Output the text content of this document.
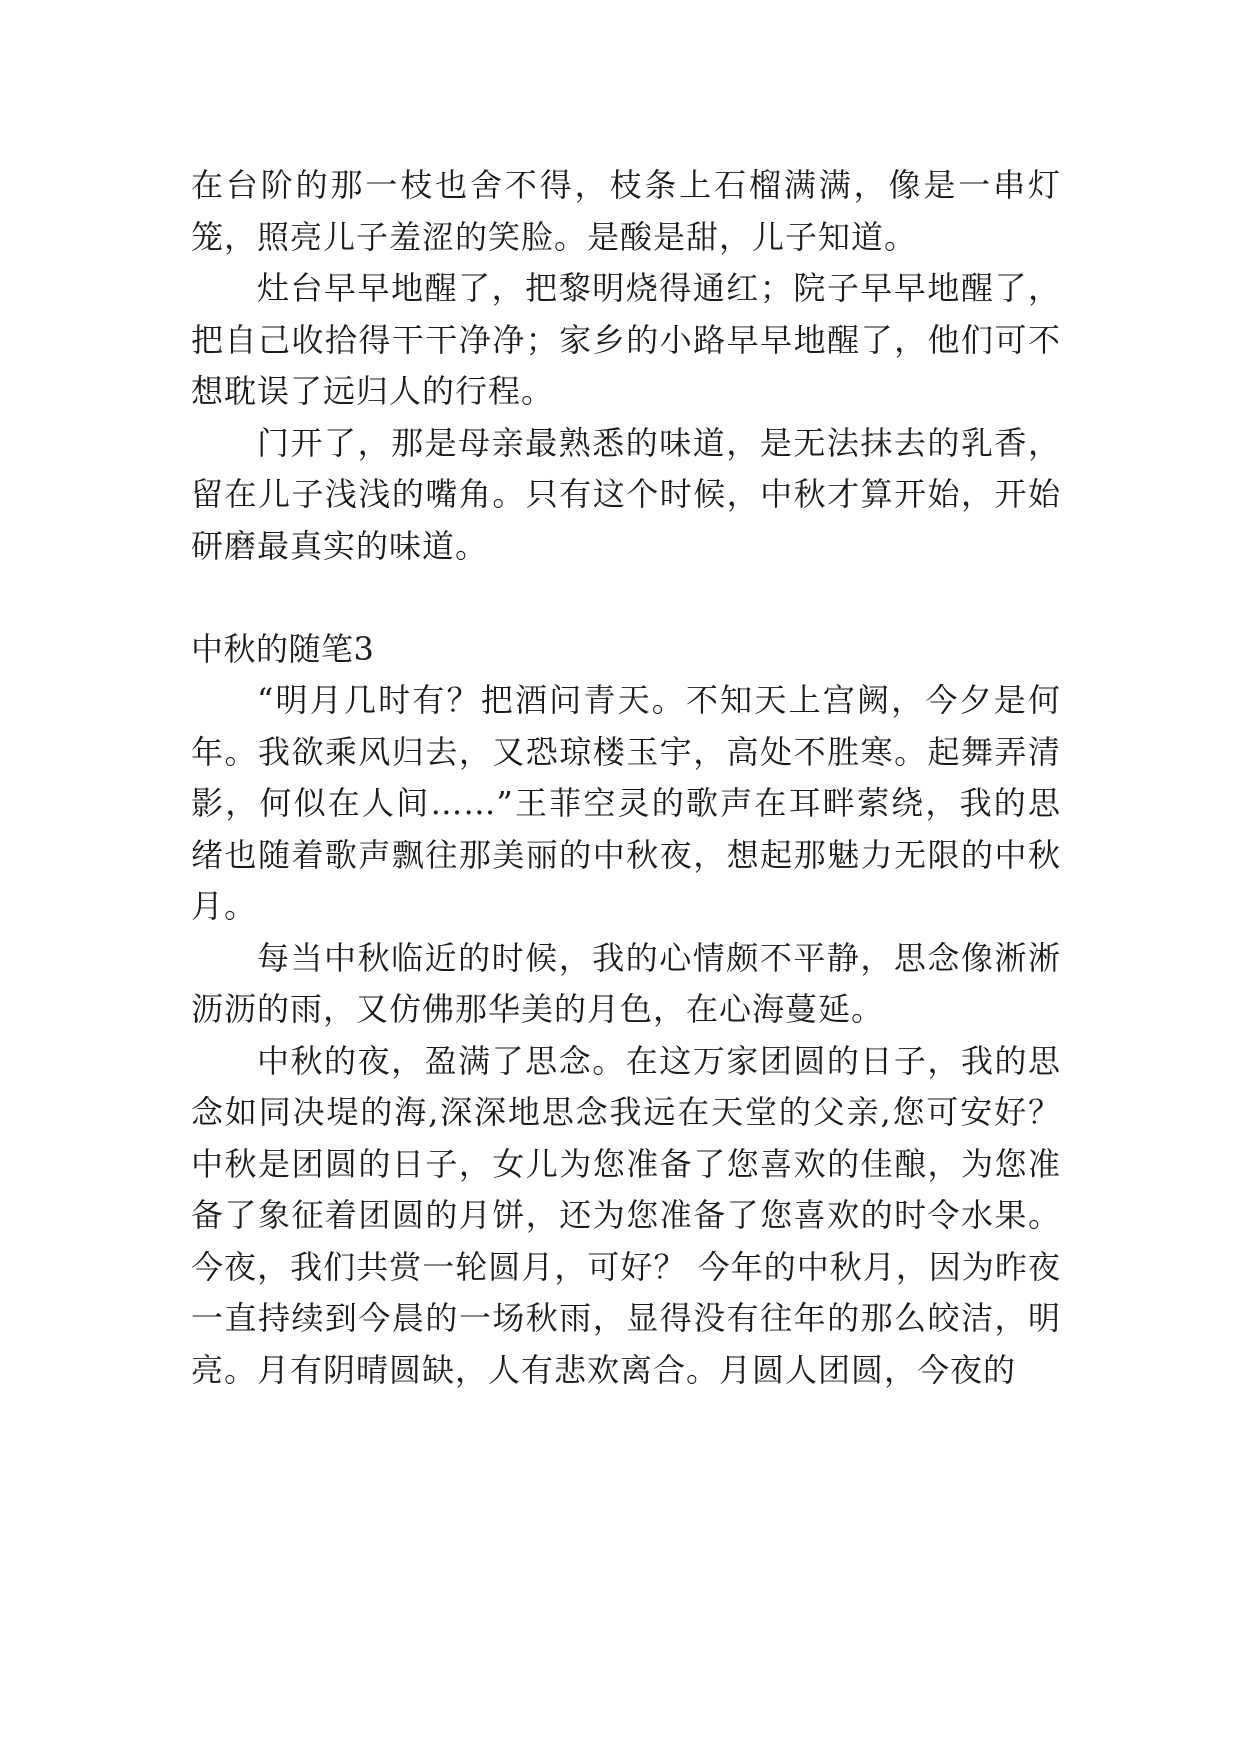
在台阶的那一枝也舍不得，枝条上石榴满满，像是一串灯笼，照亮儿子羞涩的笑脸。是酸是甜，儿子知道。

灶台早早地醒了，把黎明烧得通红；院子早早地醒了，把自己收拾得干干净净；家乡的小路早早地醒了，他们可不想耽误了远归人的行程。

门开了，那是母亲最熟悉的味道，是无法抹去的乳香，留在儿子浅浅的嘴角。只有这个时候，中秋才算开始，开始研磨最真实的味道。

中秋的随笔3

“明月几时有？把酒问青天。不知天上宫阙，今夕是何年。我欲乘风归去，又恐琼楼玉宇，高处不胜寒。起舞弄清影，何似在人间……”王菲空灵的歌声在耳畔萦绕，我的思绪也随着歌声飘往那美丽的中秋夜，想起那魅力无限的中秋月。

每当中秋临近的时候，我的心情颇不平静，思念像淅淅沥沥的雨，又仿佛那华美的月色，在心海蔓延。

中秋的夜，盈满了思念。在这万家团圆的日子，我的思念如同决堤的海,深深地思念我远在天堂的父亲,您可安好？中秋是团圆的日子，女儿为您准备了您喜欢的佳酿，为您准备了象征着团圆的月饼，还为您准备了您喜欢的时令水果。今夜，我们共赏一轮圆月，可好？ 今年的中秋月，因为昨夜一直持续到今晨的一场秋雨，显得没有往年的那么皎洁，明亮。月有阴晴圆缺，人有悲欢离合。月圆人团圆，今夜的
